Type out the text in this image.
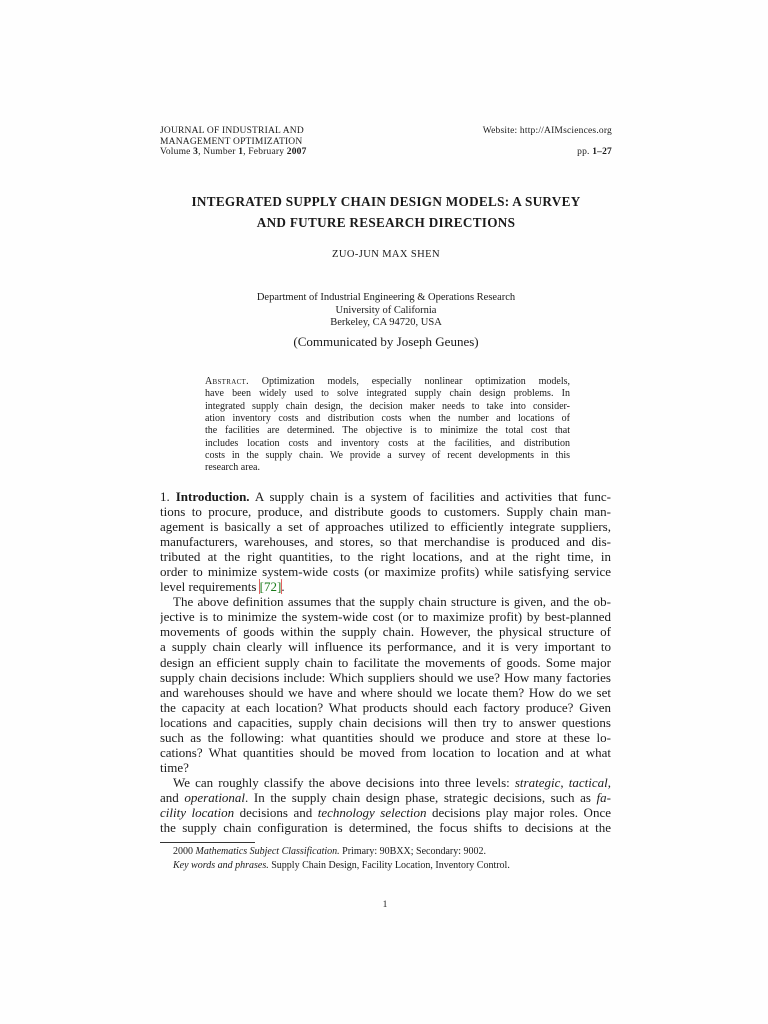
JOURNAL OF INDUSTRIAL AND
MANAGEMENT OPTIMIZATION
Volume 3, Number 1, February 2007
Website: http://AIMsciences.org
pp. 1–27
INTEGRATED SUPPLY CHAIN DESIGN MODELS: A SURVEY
AND FUTURE RESEARCH DIRECTIONS
ZUO-JUN MAX SHEN
Department of Industrial Engineering & Operations Research
University of California
Berkeley, CA 94720, USA
(Communicated by Joseph Geunes)
Abstract. Optimization models, especially nonlinear optimization models,
have been widely used to solve integrated supply chain design problems. In
integrated supply chain design, the decision maker needs to take into consider-
ation inventory costs and distribution costs when the number and locations of
the facilities are determined. The objective is to minimize the total cost that
includes location costs and inventory costs at the facilities, and distribution
costs in the supply chain. We provide a survey of recent developments in this
research area.
1. Introduction. A supply chain is a system of facilities and activities that func-
tions to procure, produce, and distribute goods to customers. Supply chain man-
agement is basically a set of approaches utilized to efficiently integrate suppliers,
manufacturers, warehouses, and stores, so that merchandise is produced and dis-
tributed at the right quantities, to the right locations, and at the right time, in
order to minimize system-wide costs (or maximize profits) while satisfying service
level requirements [72].
The above definition assumes that the supply chain structure is given, and the ob-
jective is to minimize the system-wide cost (or to maximize profit) by best-planned
movements of goods within the supply chain. However, the physical structure of
a supply chain clearly will influence its performance, and it is very important to
design an efficient supply chain to facilitate the movements of goods. Some major
supply chain decisions include: Which suppliers should we use? How many factories
and warehouses should we have and where should we locate them? How do we set
the capacity at each location? What products should each factory produce? Given
locations and capacities, supply chain decisions will then try to answer questions
such as the following: what quantities should we produce and store at these lo-
cations? What quantities should be moved from location to location and at what
time?
We can roughly classify the above decisions into three levels: strategic, tactical,
and operational. In the supply chain design phase, strategic decisions, such as fa-
cility location decisions and technology selection decisions play major roles. Once
the supply chain configuration is determined, the focus shifts to decisions at the
2000 Mathematics Subject Classification. Primary: 90BXX; Secondary: 9002.
Key words and phrases. Supply Chain Design, Facility Location, Inventory Control.
1
